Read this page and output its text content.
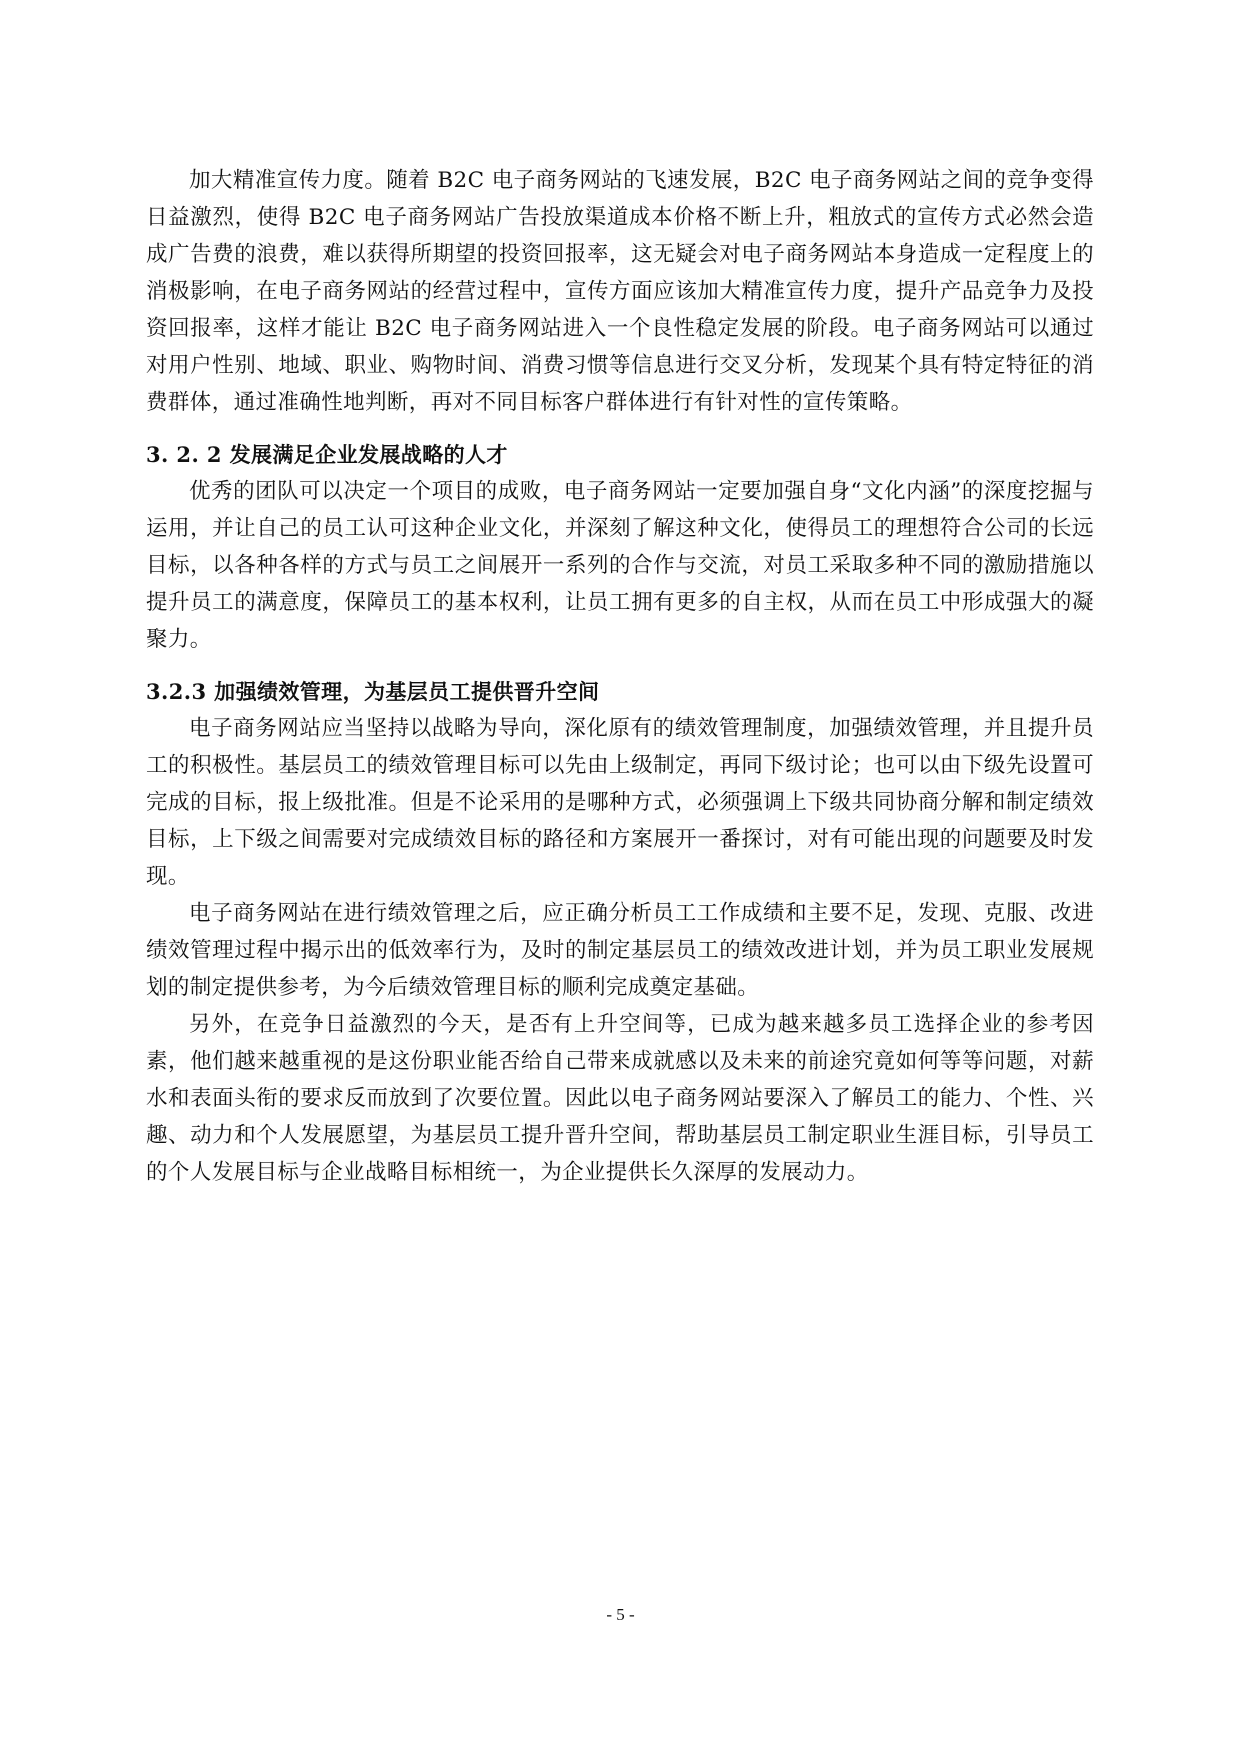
加大精准宣传力度。随着 B2C 电子商务网站的飞速发展，B2C 电子商务网站之间的竞争变得日益激烈，使得 B2C 电子商务网站广告投放渠道成本价格不断上升，粗放式的宣传方式必然会造成广告费的浪费，难以获得所期望的投资回报率，这无疑会对电子商务网站本身造成一定程度上的消极影响，在电子商务网站的经营过程中，宣传方面应该加大精准宣传力度，提升产品竞争力及投资回报率，这样才能让 B2C 电子商务网站进入一个良性稳定发展的阶段。电子商务网站可以通过对用户性别、地域、职业、购物时间、消费习惯等信息进行交叉分析，发现某个具有特定特征的消费群体，通过准确性地判断，再对不同目标客户群体进行有针对性的宣传策略。

3. 2. 2 发展满足企业发展战略的人才

优秀的团队可以决定一个项目的成败，电子商务网站一定要加强自身“文化内涵”的深度挖掘与运用，并让自己的员工认可这种企业文化，并深刻了解这种文化，使得员工的理想符合公司的长远目标，以各种各样的方式与员工之间展开一系列的合作与交流，对员工采取多种不同的激励措施以提升员工的满意度，保障员工的基本权利，让员工拥有更多的自主权，从而在员工中形成强大的凝聚力。

3.2.3 加强绩效管理，为基层员工提供晋升空间

电子商务网站应当坚持以战略为导向，深化原有的绩效管理制度，加强绩效管理，并且提升员工的积极性。基层员工的绩效管理目标可以先由上级制定，再同下级讨论；也可以由下级先设置可完成的目标，报上级批准。但是不论采用的是哪种方式，必须强调上下级共同协商分解和制定绩效目标，上下级之间需要对完成绩效目标的路径和方案展开一番探讨，对有可能出现的问题要及时发现。

电子商务网站在进行绩效管理之后，应正确分析员工工作成绩和主要不足，发现、克服、改进绩效管理过程中揭示出的低效率行为，及时的制定基层员工的绩效改进计划，并为员工职业发展规划的制定提供参考，为今后绩效管理目标的顺利完成奠定基础。

另外，在竞争日益激烈的今天，是否有上升空间等，已成为越来越多员工选择企业的参考因素，他们越来越重视的是这份职业能否给自己带来成就感以及未来的前途究竟如何等等问题，对薪水和表面头衔的要求反而放到了次要位置。因此以电子商务网站要深入了解员工的能力、个性、兴趣、动力和个人发展愿望，为基层员工提升晋升空间，帮助基层员工制定职业生涯目标，引导员工的个人发展目标与企业战略目标相统一，为企业提供长久深厚的发展动力。

- 5 -
